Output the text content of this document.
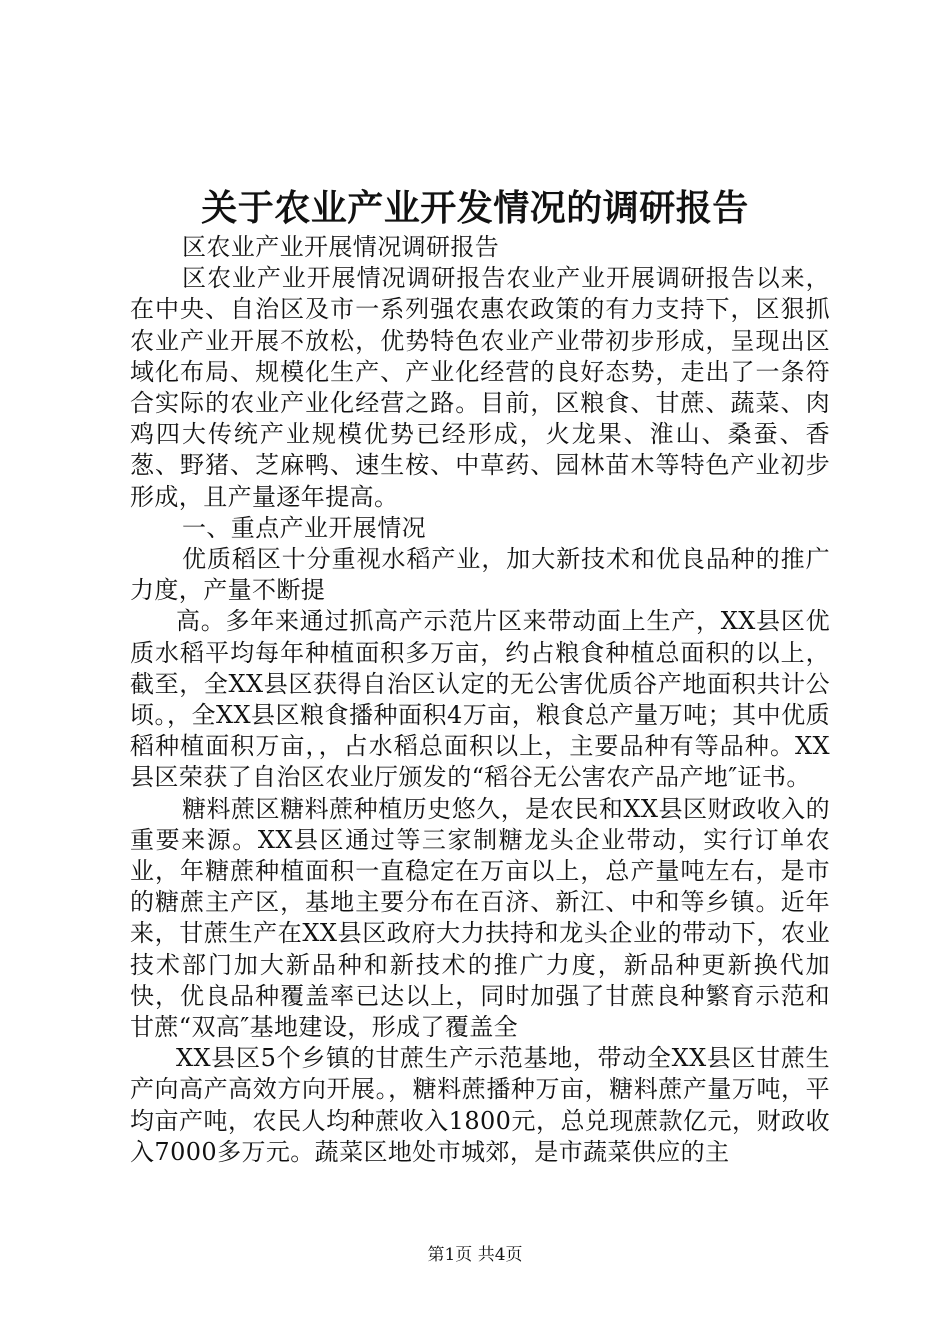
关于农业产业开发情况的调研报告

区农业产业开展情况调研报告

区农业产业开展情况调研报告农业产业开展调研报告以来，在中央、自治区及市一系列强农惠农政策的有力支持下，区狠抓农业产业开展不放松，优势特色农业产业带初步形成，呈现出区域化布局、规模化生产、产业化经营的良好态势，走出了一条符合实际的农业产业化经营之路。目前，区粮食、甘蔗、蔬菜、肉鸡四大传统产业规模优势已经形成，火龙果、淮山、桑蚕、香葱、野猪、芝麻鸭、速生桉、中草药、园林苗木等特色产业初步形成，且产量逐年提高。

一、重点产业开展情况

优质稻区十分重视水稻产业，加大新技术和优良品种的推广力度，产量不断提

高。多年来通过抓高产示范片区来带动面上生产，XX县区优质水稻平均每年种植面积多万亩，约占粮食种植总面积的以上，截至，全XX县区获得自治区认定的无公害优质谷产地面积共计公顷。，全XX县区粮食播种面积4万亩，粮食总产量万吨；其中优质稻种植面积万亩，，占水稻总面积以上，主要品种有等品种。XX县区荣获了自治区农业厅颁发的“稻谷无公害农产品产地″证书。

糖料蔗区糖料蔗种植历史悠久，是农民和XX县区财政收入的重要来源。XX县区通过等三家制糖龙头企业带动，实行订单农业，年糖蔗种植面积一直稳定在万亩以上，总产量吨左右，是市的糖蔗主产区，基地主要分布在百济、新江、中和等乡镇。近年来，甘蔗生产在XX县区政府大力扶持和龙头企业的带动下，农业技术部门加大新品种和新技术的推广力度，新品种更新换代加快，优良品种覆盖率已达以上，同时加强了甘蔗良种繁育示范和甘蔗“双高″基地建设，形成了覆盖全

XX县区5个乡镇的甘蔗生产示范基地，带动全XX县区甘蔗生产向高产高效方向开展。，糖料蔗播种万亩，糖料蔗产量万吨，平均亩产吨，农民人均种蔗收入1800元，总兑现蔗款亿元，财政收入7000多万元。蔬菜区地处市城郊，是市蔬菜供应的主

第1页 共4页
